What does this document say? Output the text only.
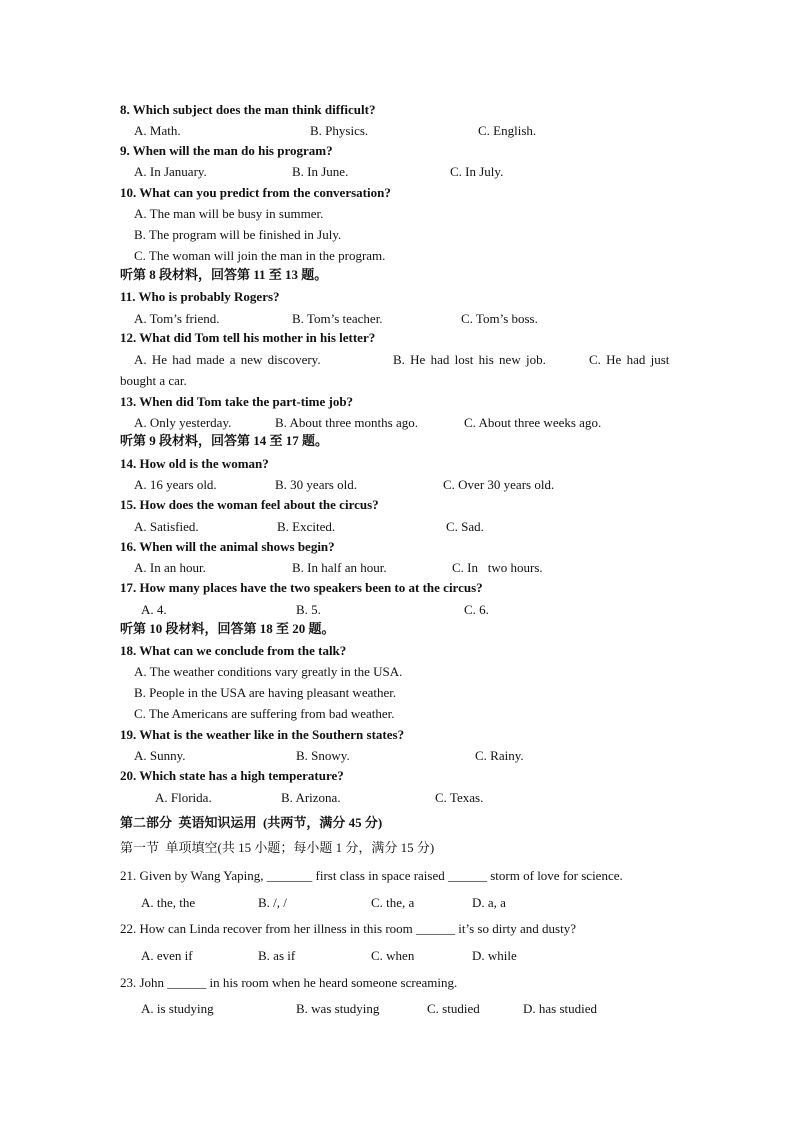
8. Which subject does the man think difficult?
A. Math.	B. Physics.	C. English.
9. When will the man do his program?
A. In January.	B. In June.	C. In July.
10. What can you predict from the conversation?
A. The man will be busy in summer.
B. The program will be finished in July.
C. The woman will join the man in the program.
听第 8 段材料，回答第 11 至 13 题。
11. Who is probably Rogers?
A. Tom’s friend.	B. Tom’s teacher.	C. Tom’s boss.
12. What did Tom tell his mother in his letter?
A. He had made a new discovery.	B. He had lost his new job.	C. He had just
bought a car.
13. When did Tom take the part-time job?
A. Only yesterday.	B. About three months ago.	C. About three weeks ago.
听第 9 段材料，回答第 14 至 17 题。
14. How old is the woman?
A. 16 years old.	B. 30 years old.	C. Over 30 years old.
15. How does the woman feel about the circus?
A. Satisfied.	B. Excited.	C. Sad.
16. When will the animal shows begin?
A. In an hour.	B. In half an hour.	C. In   two hours.
17. How many places have the two speakers been to at the circus?
A. 4.	B. 5.	C. 6.
听第 10 段材料，回答第 18 至 20 题。
18. What can we conclude from the talk?
A. The weather conditions vary greatly in the USA.
B. People in the USA are having pleasant weather.
C. The Americans are suffering from bad weather.
19. What is the weather like in the Southern states?
A. Sunny.	B. Snowy.	C. Rainy.
20. Which state has a high temperature?
A. Florida.	B. Arizona.	C. Texas.
第二部分  英语知识运用  (共两节，满分 45 分)
第一节  单项填空(共 15 小题；每小题 1 分，满分 15 分)
21. Given by Wang Yaping, _______ first class in space raised ______ storm of love for science.
A. the, the	B. /, /	C. the, a	D. a, a
22. How can Linda recover from her illness in this room ______ it’s so dirty and dusty?
A. even if	B. as if	C. when	D. while
23. John ______ in his room when he heard someone screaming.
A. is studying	B. was studying	C. studied	D. has studied
